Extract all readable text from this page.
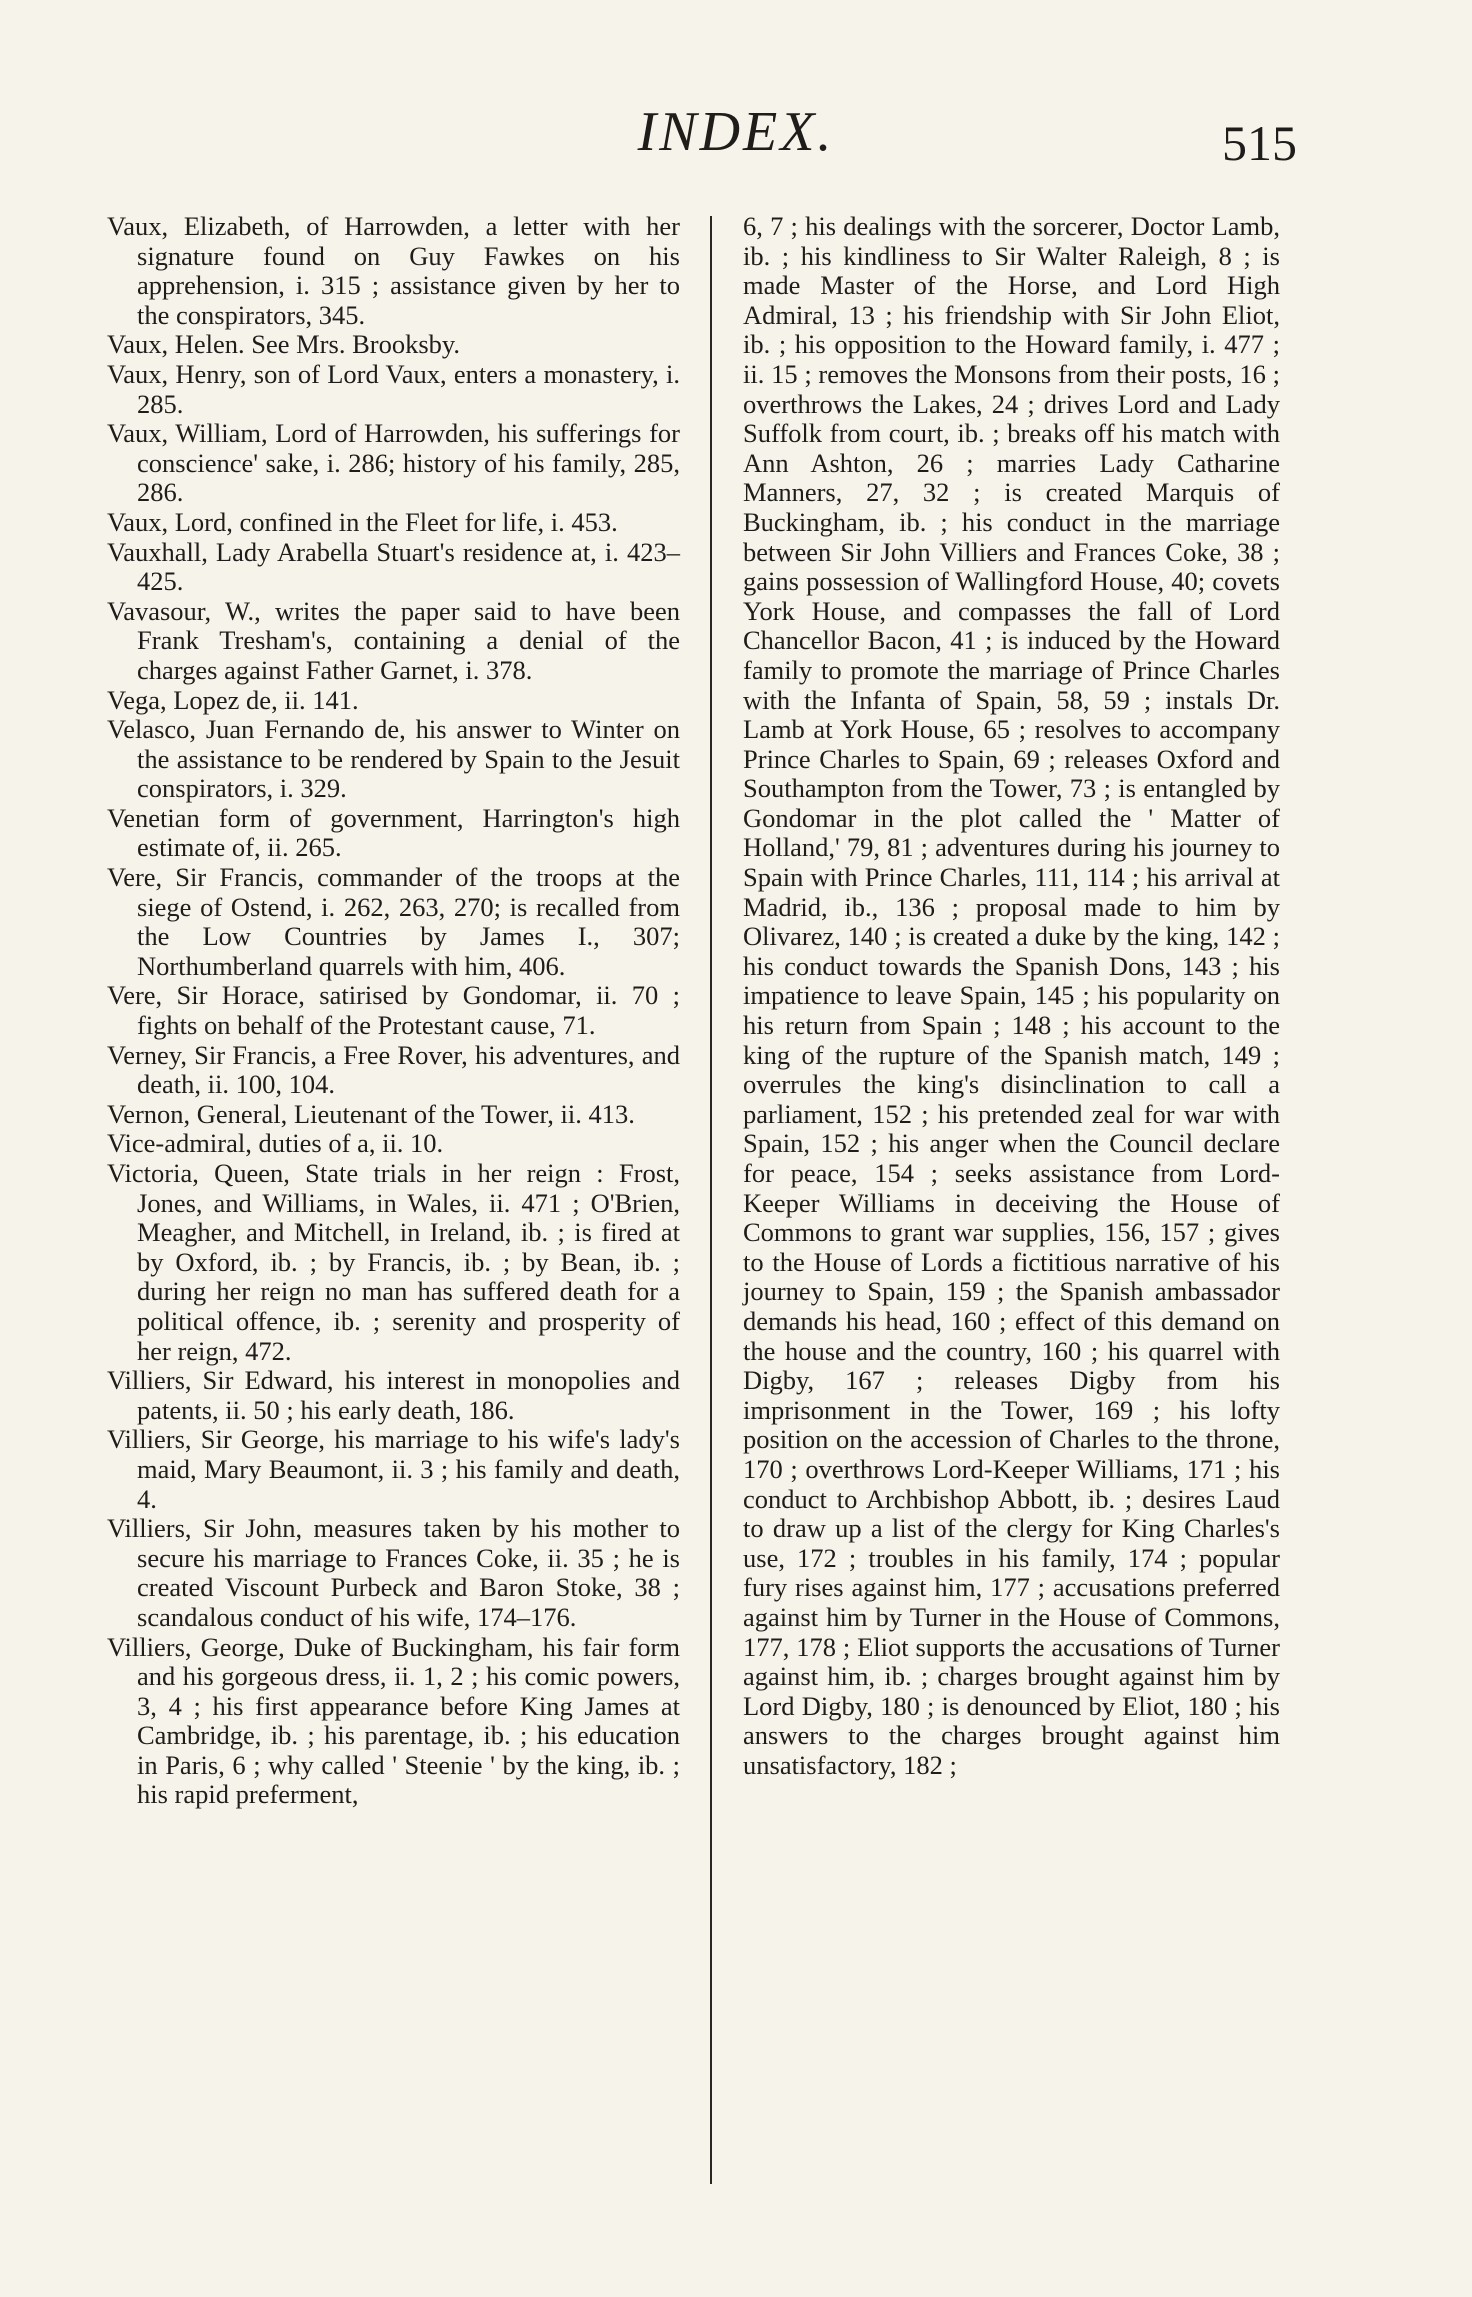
INDEX.	515

Vaux, Elizabeth, of Harrowden, a letter with her signature found on Guy Fawkes on his apprehension, i. 315 ; assistance given by her to the conspirators, 345.

Vaux, Helen. See Mrs. Brooksby.

Vaux, Henry, son of Lord Vaux, enters a monastery, i. 285.

Vaux, William, Lord of Harrowden, his sufferings for conscience' sake, i. 286; history of his family, 285, 286.

Vaux, Lord, confined in the Fleet for life, i. 453.

Vauxhall, Lady Arabella Stuart's residence at, i. 423–425.

Vavasour, W., writes the paper said to have been Frank Tresham's, containing a denial of the charges against Father Garnet, i. 378.

Vega, Lopez de, ii. 141.

Velasco, Juan Fernando de, his answer to Winter on the assistance to be rendered by Spain to the Jesuit conspirators, i. 329.

Venetian form of government, Harrington's high estimate of, ii. 265.

Vere, Sir Francis, commander of the troops at the siege of Ostend, i. 262, 263, 270; is recalled from the Low Countries by James I., 307; Northumberland quarrels with him, 406.

Vere, Sir Horace, satirised by Gondomar, ii. 70 ; fights on behalf of the Protestant cause, 71.

Verney, Sir Francis, a Free Rover, his adventures, and death, ii. 100, 104.

Vernon, General, Lieutenant of the Tower, ii. 413.

Vice-admiral, duties of a, ii. 10.

Victoria, Queen, State trials in her reign : Frost, Jones, and Williams, in Wales, ii. 471 ; O'Brien, Meagher, and Mitchell, in Ireland, ib. ; is fired at by Oxford, ib. ; by Francis, ib. ; by Bean, ib. ; during her reign no man has suffered death for a political offence, ib. ; serenity and prosperity of her reign, 472.

Villiers, Sir Edward, his interest in monopolies and patents, ii. 50 ; his early death, 186.

Villiers, Sir George, his marriage to his wife's lady's maid, Mary Beaumont, ii. 3 ; his family and death, 4.

Villiers, Sir John, measures taken by his mother to secure his marriage to Frances Coke, ii. 35 ; he is created Viscount Purbeck and Baron Stoke, 38 ; scandalous conduct of his wife, 174–176.

Villiers, George, Duke of Buckingham, his fair form and his gorgeous dress, ii. 1, 2 ; his comic powers, 3, 4 ; his first appearance before King James at Cambridge, ib. ; his parentage, ib. ; his education in Paris, 6 ; why called ' Steenie ' by the king, ib. ; his rapid preferment,

6, 7 ; his dealings with the sorcerer, Doctor Lamb, ib. ; his kindliness to Sir Walter Raleigh, 8 ; is made Master of the Horse, and Lord High Admiral, 13 ; his friendship with Sir John Eliot, ib. ; his opposition to the Howard family, i. 477 ; ii. 15 ; removes the Monsons from their posts, 16 ; overthrows the Lakes, 24 ; drives Lord and Lady Suffolk from court, ib. ; breaks off his match with Ann Ashton, 26 ; marries Lady Catharine Manners, 27, 32 ; is created Marquis of Buckingham, ib. ; his conduct in the marriage between Sir John Villiers and Frances Coke, 38 ; gains possession of Wallingford House, 40; covets York House, and compasses the fall of Lord Chancellor Bacon, 41 ; is induced by the Howard family to promote the marriage of Prince Charles with the Infanta of Spain, 58, 59 ; instals Dr. Lamb at York House, 65 ; resolves to accompany Prince Charles to Spain, 69 ; releases Oxford and Southampton from the Tower, 73 ; is entangled by Gondomar in the plot called the ' Matter of Holland,' 79, 81 ; adventures during his journey to Spain with Prince Charles, 111, 114 ; his arrival at Madrid, ib., 136 ; proposal made to him by Olivarez, 140 ; is created a duke by the king, 142 ; his conduct towards the Spanish Dons, 143 ; his impatience to leave Spain, 145 ; his popularity on his return from Spain ; 148 ; his account to the king of the rupture of the Spanish match, 149 ; overrules the king's disinclination to call a parliament, 152 ; his pretended zeal for war with Spain, 152 ; his anger when the Council declare for peace, 154 ; seeks assistance from Lord-Keeper Williams in deceiving the House of Commons to grant war supplies, 156, 157 ; gives to the House of Lords a fictitious narrative of his journey to Spain, 159 ; the Spanish ambassador demands his head, 160 ; effect of this demand on the house and the country, 160 ; his quarrel with Digby, 167 ; releases Digby from his imprisonment in the Tower, 169 ; his lofty position on the accession of Charles to the throne, 170 ; overthrows Lord-Keeper Williams, 171 ; his conduct to Archbishop Abbott, ib. ; desires Laud to draw up a list of the clergy for King Charles's use, 172 ; troubles in his family, 174 ; popular fury rises against him, 177 ; accusations preferred against him by Turner in the House of Commons, 177, 178 ; Eliot supports the accusations of Turner against him, ib. ; charges brought against him by Lord Digby, 180 ; is denounced by Eliot, 180 ; his answers to the charges brought against him unsatisfactory, 182 ;
